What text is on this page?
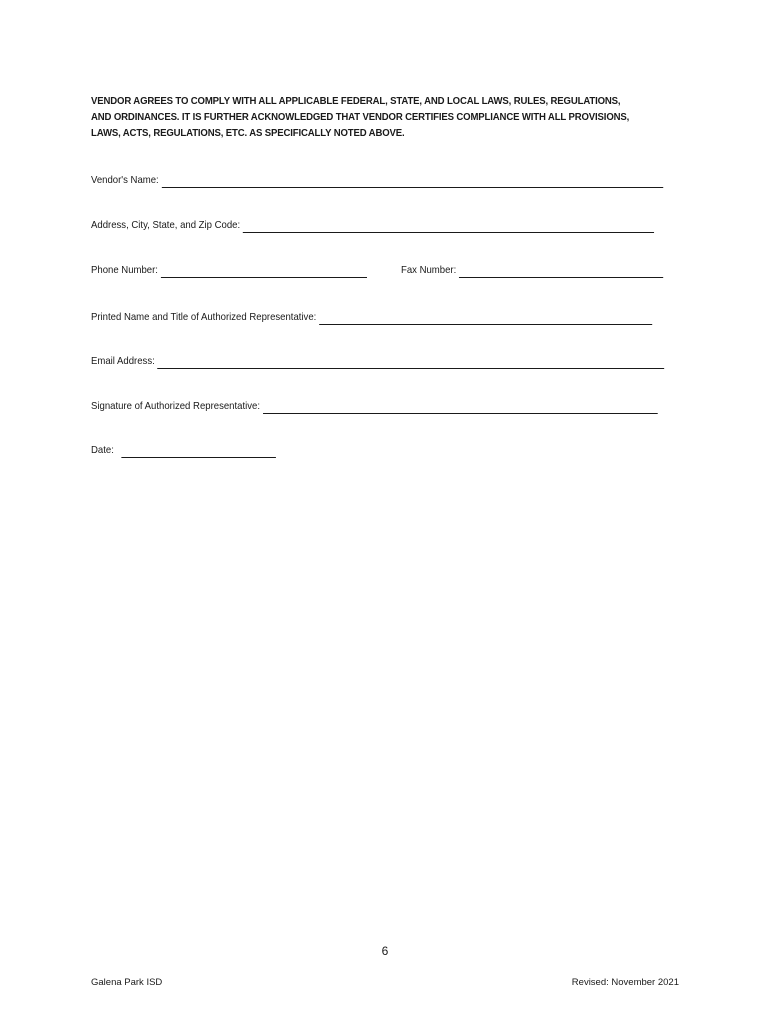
VENDOR AGREES TO COMPLY WITH ALL APPLICABLE FEDERAL, STATE, AND LOCAL LAWS, RULES, REGULATIONS,

AND ORDINANCES. IT IS FURTHER ACKNOWLEDGED THAT VENDOR CERTIFIES COMPLIANCE WITH ALL PROVISIONS,

LAWS, ACTS, REGULATIONS, ETC. AS SPECIFICALLY NOTED ABOVE.

Vendor's Name:
Address, City, State, and Zip Code:
Phone Number:	Fax Number:
Printed Name and Title of Authorized Representative:
Email Address:
Signature of Authorized Representative:
Date:
6
Galena Park ISD	Revised: November 2021
